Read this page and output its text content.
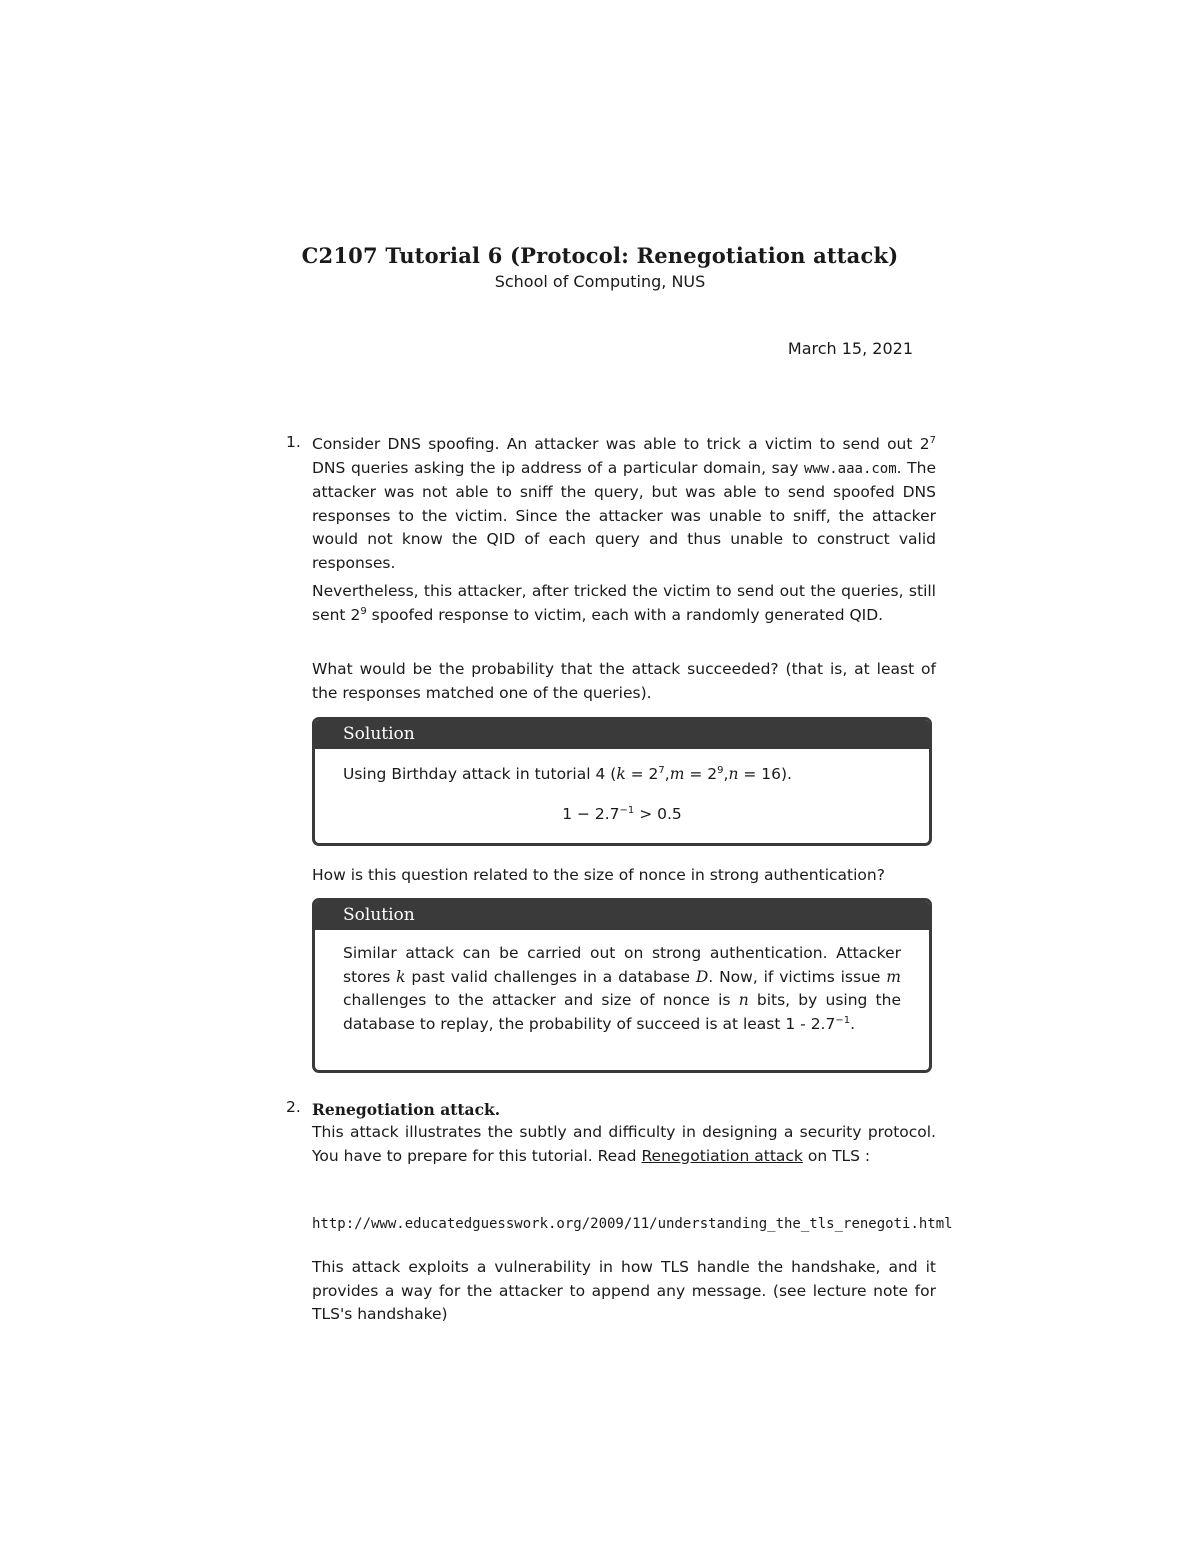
C2107 Tutorial 6 (Protocol: Renegotiation attack)
School of Computing, NUS
March 15, 2021
1. Consider DNS spoofing. An attacker was able to trick a victim to send out $2^7$ DNS queries asking the ip address of a particular domain, say www.aaa.com. The attacker was not able to sniff the query, but was able to send spoofed DNS responses to the victim. Since the attacker was unable to sniff, the attacker would not know the QID of each query and thus unable to construct valid responses.
Nevertheless, this attacker, after tricked the victim to send out the queries, still sent $2^9$ spoofed response to victim, each with a randomly generated QID.
What would be the probability that the attack succeeded? (that is, at least of the responses matched one of the queries).
Solution
Using Birthday attack in tutorial 4 $(k = 2^7,m = 2^9,n = 16)$.
$1 - 2.7^{-1} > 0.5$
How is this question related to the size of nonce in strong authentication?
Solution
Similar attack can be carried out on strong authentication. Attacker stores k past valid challenges in a database D. Now, if victims issue m challenges to the attacker and size of nonce is n bits, by using the database to replay, the probability of succeed is at least $1 - 2.7^{-1}$.
2. Renegotiation attack.
This attack illustrates the subtly and difficulty in designing a security protocol. You have to prepare for this tutorial. Read Renegotiation attack on TLS :
http://www.educatedguesswork.org/2009/11/understanding_the_tls_renegoti.html
This attack exploits a vulnerability in how TLS handle the handshake, and it provides a way for the attacker to append any message. (see lecture note for TLS's handshake)
